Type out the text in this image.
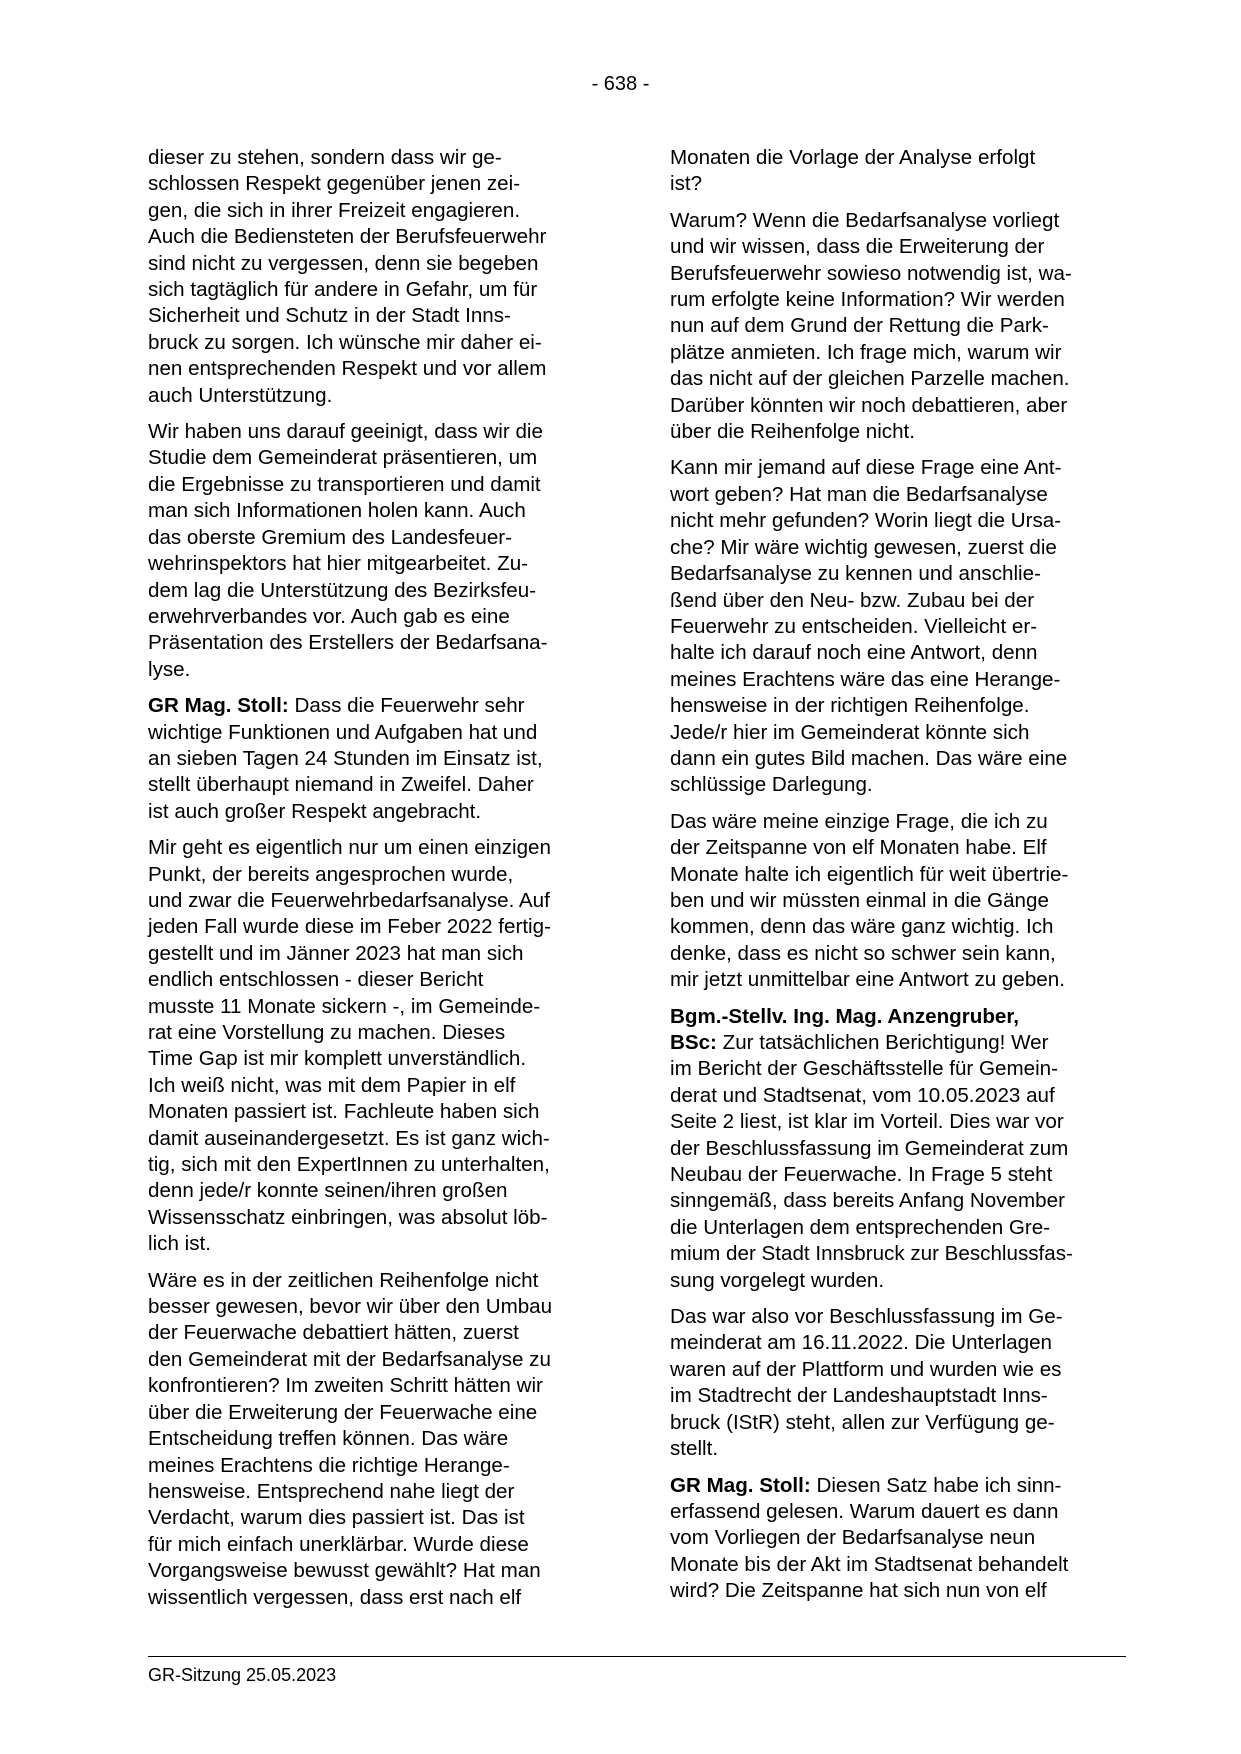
- 638 -

dieser zu stehen, sondern dass wir ge-
schlossen Respekt gegenüber jenen zei-
gen, die sich in ihrer Freizeit engagieren.
Auch die Bediensteten der Berufsfeuerwehr
sind nicht zu vergessen, denn sie begeben
sich tagtäglich für andere in Gefahr, um für
Sicherheit und Schutz in der Stadt Inns-
bruck zu sorgen. Ich wünsche mir daher ei-
nen entsprechenden Respekt und vor allem
auch Unterstützung.

Wir haben uns darauf geeinigt, dass wir die
Studie dem Gemeinderat präsentieren, um
die Ergebnisse zu transportieren und damit
man sich Informationen holen kann. Auch
das oberste Gremium des Landesfeuer-
wehrinspektors hat hier mitgearbeitet. Zu-
dem lag die Unterstützung des Bezirksfeu-
erwehrverbandes vor. Auch gab es eine
Präsentation des Erstellers der Bedarfsana-
lyse.

GR Mag. Stoll: Dass die Feuerwehr sehr
wichtige Funktionen und Aufgaben hat und
an sieben Tagen 24 Stunden im Einsatz ist,
stellt überhaupt niemand in Zweifel. Daher
ist auch großer Respekt angebracht.

Mir geht es eigentlich nur um einen einzigen
Punkt, der bereits angesprochen wurde,
und zwar die Feuerwehrbedarfsanalyse. Auf
jeden Fall wurde diese im Feber 2022 fertig-
gestellt und im Jänner 2023 hat man sich
endlich entschlossen - dieser Bericht
musste 11 Monate sickern -, im Gemeinde-
rat eine Vorstellung zu machen. Dieses
Time Gap ist mir komplett unverständlich.
Ich weiß nicht, was mit dem Papier in elf
Monaten passiert ist. Fachleute haben sich
damit auseinandergesetzt. Es ist ganz wich-
tig, sich mit den ExpertInnen zu unterhalten,
denn jede/r konnte seinen/ihren großen
Wissensschatz einbringen, was absolut löb-
lich ist.

Wäre es in der zeitlichen Reihenfolge nicht
besser gewesen, bevor wir über den Umbau
der Feuerwache debattiert hätten, zuerst
den Gemeinderat mit der Bedarfsanalyse zu
konfrontieren? Im zweiten Schritt hätten wir
über die Erweiterung der Feuerwache eine
Entscheidung treffen können. Das wäre
meines Erachtens die richtige Herange-
hensweise. Entsprechend nahe liegt der
Verdacht, warum dies passiert ist. Das ist
für mich einfach unerklärbar. Wurde diese
Vorgangsweise bewusst gewählt? Hat man
wissentlich vergessen, dass erst nach elf

Monaten die Vorlage der Analyse erfolgt
ist?

Warum? Wenn die Bedarfsanalyse vorliegt
und wir wissen, dass die Erweiterung der
Berufsfeuerwehr sowieso notwendig ist, wa-
rum erfolgte keine Information? Wir werden
nun auf dem Grund der Rettung die Park-
plätze anmieten. Ich frage mich, warum wir
das nicht auf der gleichen Parzelle machen.
Darüber könnten wir noch debattieren, aber
über die Reihenfolge nicht.

Kann mir jemand auf diese Frage eine Ant-
wort geben? Hat man die Bedarfsanalyse
nicht mehr gefunden? Worin liegt die Ursa-
che? Mir wäre wichtig gewesen, zuerst die
Bedarfsanalyse zu kennen und anschlie-
ßend über den Neu- bzw. Zubau bei der
Feuerwehr zu entscheiden. Vielleicht er-
halte ich darauf noch eine Antwort, denn
meines Erachtens wäre das eine Herange-
hensweise in der richtigen Reihenfolge.
Jede/r hier im Gemeinderat könnte sich
dann ein gutes Bild machen. Das wäre eine
schlüssige Darlegung.

Das wäre meine einzige Frage, die ich zu
der Zeitspanne von elf Monaten habe. Elf
Monate halte ich eigentlich für weit übertrie-
ben und wir müssten einmal in die Gänge
kommen, denn das wäre ganz wichtig. Ich
denke, dass es nicht so schwer sein kann,
mir jetzt unmittelbar eine Antwort zu geben.

Bgm.-Stellv. Ing. Mag. Anzengruber,
BSc: Zur tatsächlichen Berichtigung! Wer
im Bericht der Geschäftsstelle für Gemein-
derat und Stadtsenat, vom 10.05.2023 auf
Seite 2 liest, ist klar im Vorteil. Dies war vor
der Beschlussfassung im Gemeinderat zum
Neubau der Feuerwache. In Frage 5 steht
sinngemäß, dass bereits Anfang November
die Unterlagen dem entsprechenden Gre-
mium der Stadt Innsbruck zur Beschlussfas-
sung vorgelegt wurden.

Das war also vor Beschlussfassung im Ge-
meinderat am 16.11.2022. Die Unterlagen
waren auf der Plattform und wurden wie es
im Stadtrecht der Landeshauptstadt Inns-
bruck (IStR) steht, allen zur Verfügung ge-
stellt.

GR Mag. Stoll: Diesen Satz habe ich sinn-
erfassend gelesen. Warum dauert es dann
vom Vorliegen der Bedarfsanalyse neun
Monate bis der Akt im Stadtsenat behandelt
wird? Die Zeitspanne hat sich nun von elf

GR-Sitzung 25.05.2023
